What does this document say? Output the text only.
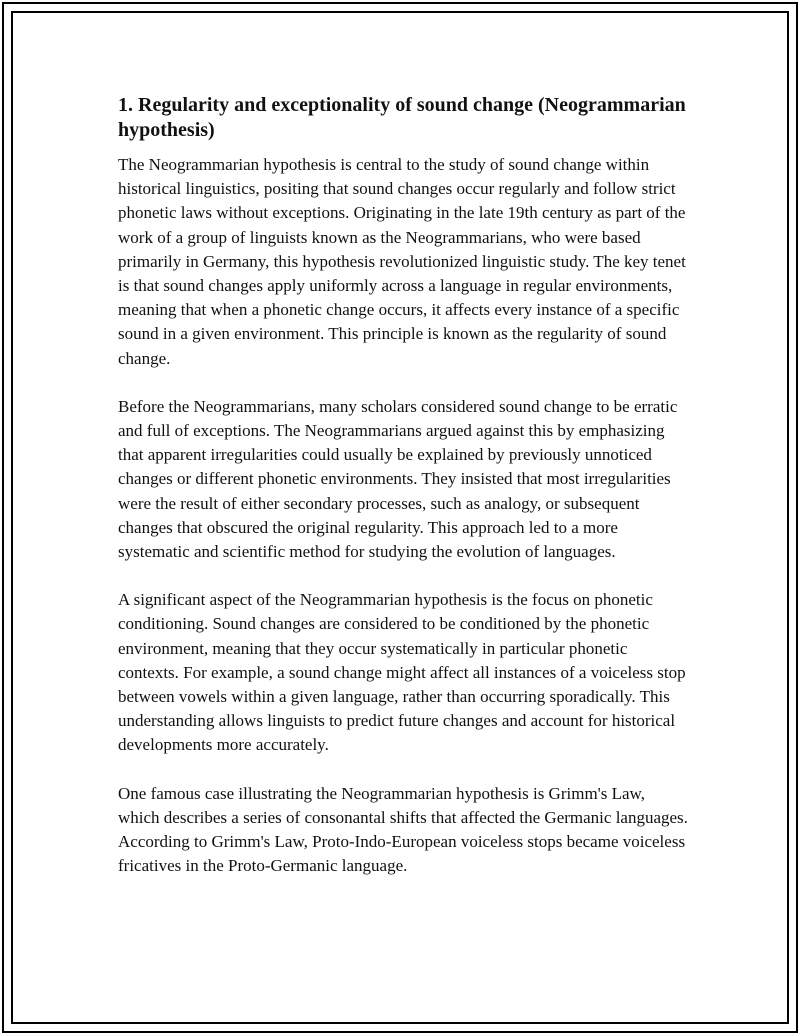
1. Regularity and exceptionality of sound change (Neogrammarian hypothesis)

The Neogrammarian hypothesis is central to the study of sound change within historical linguistics, positing that sound changes occur regularly and follow strict phonetic laws without exceptions. Originating in the late 19th century as part of the work of a group of linguists known as the Neogrammarians, who were based primarily in Germany, this hypothesis revolutionized linguistic study. The key tenet is that sound changes apply uniformly across a language in regular environments, meaning that when a phonetic change occurs, it affects every instance of a specific sound in a given environment. This principle is known as the regularity of sound change.

Before the Neogrammarians, many scholars considered sound change to be erratic and full of exceptions. The Neogrammarians argued against this by emphasizing that apparent irregularities could usually be explained by previously unnoticed changes or different phonetic environments. They insisted that most irregularities were the result of either secondary processes, such as analogy, or subsequent changes that obscured the original regularity. This approach led to a more systematic and scientific method for studying the evolution of languages.

A significant aspect of the Neogrammarian hypothesis is the focus on phonetic conditioning. Sound changes are considered to be conditioned by the phonetic environment, meaning that they occur systematically in particular phonetic contexts. For example, a sound change might affect all instances of a voiceless stop between vowels within a given language, rather than occurring sporadically. This understanding allows linguists to predict future changes and account for historical developments more accurately.

One famous case illustrating the Neogrammarian hypothesis is Grimm's Law, which describes a series of consonantal shifts that affected the Germanic languages. According to Grimm's Law, Proto-Indo-European voiceless stops became voiceless fricatives in the Proto-Germanic language.
